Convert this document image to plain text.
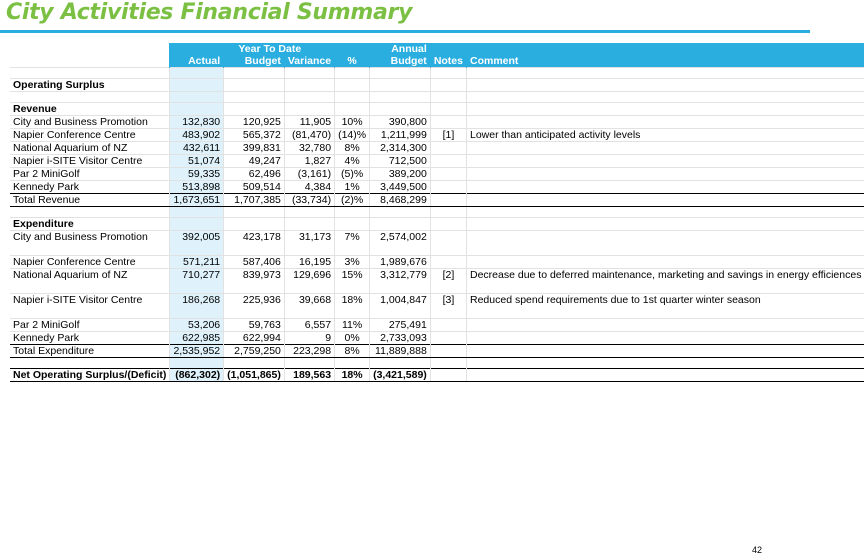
City Activities Financial Summary
	Year To Date				Annual		
	Actual	Budget	Variance	%	Budget	Notes	Comment

Operating Surplus							

Revenue							
City and Business Promotion	132,830	120,925	11,905	10%	390,800		
Napier Conference Centre	483,902	565,372	(81,470)	(14)%	1,211,999	[1]	Lower than anticipated activity levels
National Aquarium of NZ	432,611	399,831	32,780	8%	2,314,300		
Napier i-SITE Visitor Centre	51,074	49,247	1,827	4%	712,500		
Par 2 MiniGolf	59,335	62,496	(3,161)	(5)%	389,200		
Kennedy Park	513,898	509,514	4,384	1%	3,449,500		
Total Revenue	1,673,651	1,707,385	(33,734)	(2)%	8,468,299		

Expenditure							
City and Business Promotion	392,005	423,178	31,173	7%	2,574,002		
Napier Conference Centre	571,211	587,406	16,195	3%	1,989,676		
National Aquarium of NZ	710,277	839,973	129,696	15%	3,312,779	[2]	Decrease due to deferred maintenance, marketing and savings in energy efficiences
Napier i-SITE Visitor Centre	186,268	225,936	39,668	18%	1,004,847	[3]	Reduced spend requirements due to 1st quarter winter season
Par 2 MiniGolf	53,206	59,763	6,557	11%	275,491		
Kennedy Park	622,985	622,994	9	0%	2,733,093		
Total Expenditure	2,535,952	2,759,250	223,298	8%	11,889,888		

Net Operating Surplus/(Deficit)	(862,302)	(1,051,865)	189,563	18%	(3,421,589)		
42
